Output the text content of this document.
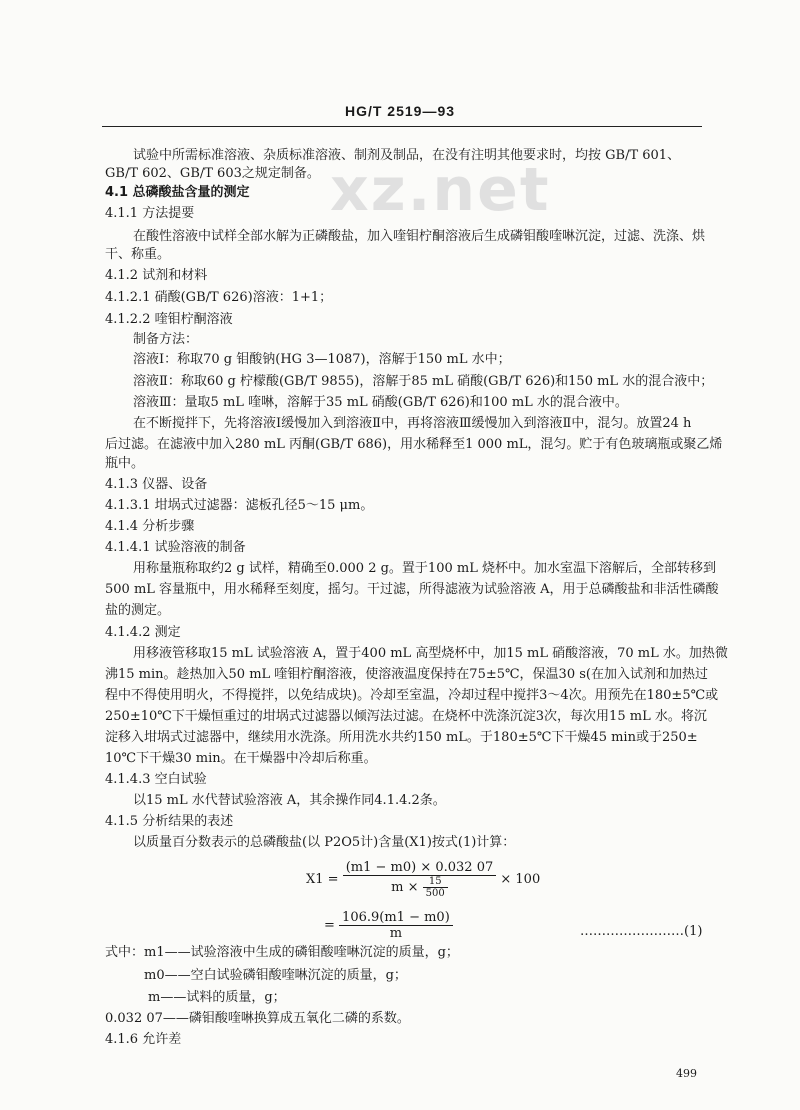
HG/T 2519—93
xz.net
试验中所需标准溶液、杂质标准溶液、制剂及制品，在没有注明其他要求时，均按 GB/T 601、
GB/T 602、GB/T 603之规定制备。
4.1 总磷酸盐含量的测定
4.1.1 方法提要
在酸性溶液中试样全部水解为正磷酸盐，加入喹钼柠酮溶液后生成磷钼酸喹啉沉淀，过滤、洗涤、烘
干、称重。
4.1.2 试剂和材料
4.1.2.1 硝酸(GB/T 626)溶液：1+1；
4.1.2.2 喹钼柠酮溶液
制备方法：
溶液Ⅰ：称取70 g 钼酸钠(HG 3—1087)，溶解于150 mL 水中；
溶液Ⅱ：称取60 g 柠檬酸(GB/T 9855)，溶解于85 mL 硝酸(GB/T 626)和150 mL 水的混合液中；
溶液Ⅲ：量取5 mL 喹啉，溶解于35 mL 硝酸(GB/T 626)和100 mL 水的混合液中。
在不断搅拌下，先将溶液Ⅰ缓慢加入到溶液Ⅱ中，再将溶液Ⅲ缓慢加入到溶液Ⅱ中，混匀。放置24 h
后过滤。在滤液中加入280 mL 丙酮(GB/T 686)，用水稀释至1 000 mL，混匀。贮于有色玻璃瓶或聚乙烯
瓶中。
4.1.3 仪器、设备
4.1.3.1 坩埚式过滤器：滤板孔径5～15 μm。
4.1.4 分析步骤
4.1.4.1 试验溶液的制备
用称量瓶称取约2 g 试样，精确至0.000 2 g。置于100 mL 烧杯中。加水室温下溶解后，全部转移到
500 mL 容量瓶中，用水稀释至刻度，摇匀。干过滤，所得滤液为试验溶液 A，用于总磷酸盐和非活性磷酸
盐的测定。
4.1.4.2 测定
用移液管移取15 mL 试验溶液 A，置于400 mL 高型烧杯中，加15 mL 硝酸溶液，70 mL 水。加热微
沸15 min。趁热加入50 mL 喹钼柠酮溶液，使溶液温度保持在75±5℃，保温30 s(在加入试剂和加热过
程中不得使用明火，不得搅拌，以免结成块)。冷却至室温，冷却过程中搅拌3～4次。用预先在180±5℃或
250±10℃下干燥恒重过的坩埚式过滤器以倾泻法过滤。在烧杯中洗涤沉淀3次，每次用15 mL 水。将沉
淀移入坩埚式过滤器中，继续用水洗涤。所用洗水共约150 mL。于180±5℃下干燥45 min或于250±
10℃下干燥30 min。在干燥器中冷却后称重。
4.1.4.3 空白试验
以15 mL 水代替试验溶液 A，其余操作同4.1.4.2条。
4.1.5 分析结果的表述
以质量百分数表示的总磷酸盐(以 P2O5计)含量(X1)按式(1)计算：
$X1 = \frac{(m1 - m0) \times 0.032 07}{m \times \frac{15}{500}} \times 100$
= $\frac{106.9(m1 - m0)}{m}$	……………………(1)
式中：m1——试验溶液中生成的磷钼酸喹啉沉淀的质量，g；
m0——空白试验磷钼酸喹啉沉淀的质量，g；
m——试料的质量，g；
0.032 07——磷钼酸喹啉换算成五氧化二磷的系数。
4.1.6 允许差
499
